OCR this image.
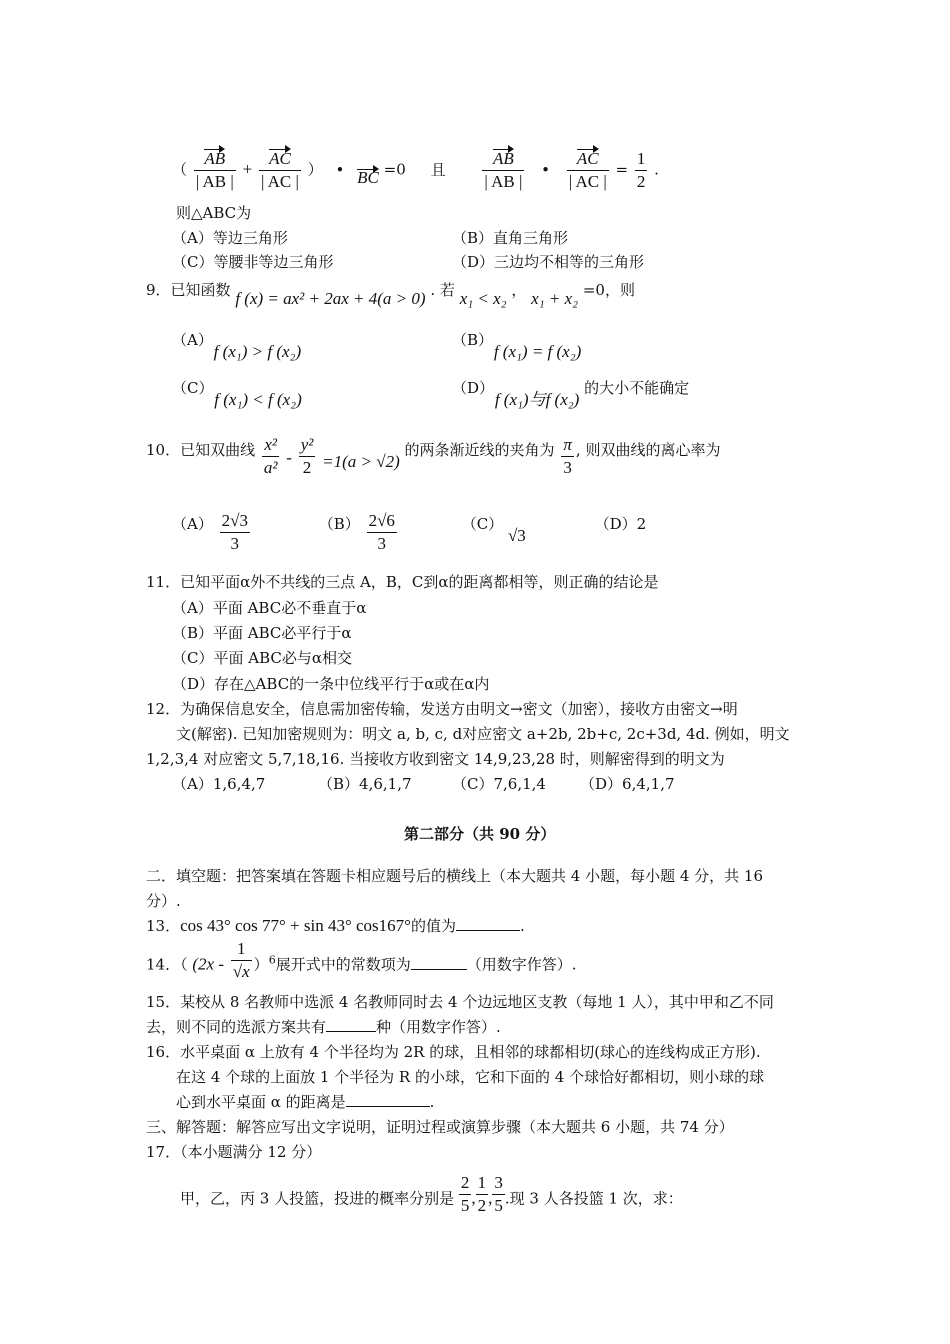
（ $\frac{AB}{| AB |} + \frac{AC}{| AC |}$ ） • BC =0 且 $\frac{AB}{| AB |}$ • $\frac{AC}{| AC |} = \frac{1}{2}$ .
则△ABC为
（A）等边三角形	（B）直角三角形
（C）等腰非等边三角形	（D）三边均不相等的三角形
9．已知函数 f (x) = ax² + 2ax + 4(a > 0) . 若 x₁ < x₂ ， x₁ + x₂ =0，则
（A） f (x₁) > f (x₂)
（B） f (x₁) = f (x₂)
（C） f (x₁) < f (x₂)
（D） f (x₁)与f (x₂) 的大小不能确定
10．已知双曲线 $\frac{\text{x²}}{\text{a²}} - \frac{\text{y²}}{2} =1(a > √2)$ 的两条渐近线的夹角为 $\frac{\pi}{3}$ , 则双曲线的离心率为
$(A) \frac{2√3}{3}$	$(B) \frac{2√6}{3}$	（C） √3 （D）2
11．已知平面α外不共线的三点 A，B，C到α的距离都相等，则正确的结论是
（A）平面 ABC必不垂直于α
（B）平面 ABC必平行于α
（C）平面 ABC必与α相交
（D）存在△ABC的一条中位线平行于α或在α内
12．为确保信息安全，信息需加密传输，发送方由明文→密文（加密），接收方由密文→明
文(解密). 已知加密规则为：明文 a, b, c, d对应密文 a+2b, 2b+c, 2c+3d, 4d. 例如，明文
1,2,3,4 对应密文 5,7,18,16. 当接收方收到密文 14,9,23,28 时，则解密得到的明文为
（A）1,6,4,7	（B）4,6,1,7	（C）7,6,1,4 （D）6,4,1,7
第二部分（共 90 分）
二．填空题：把答案填在答题卡相应题号后的横线上（本大题共 4 小题，每小题 4 分，共 16
分）.
13．cos 43° cos 77° + sin 43° cos167°的值为	.
14．（ $(2x - \frac{1}{√x} )^6$展开式中的常数项为	（用数字作答）.
15．某校从 8 名教师中选派 4 名教师同时去 4 个边远地区支教（每地 1 人），其中甲和乙不同
去，则不同的选派方案共有	种（用数字作答）.
16．水平桌面 α 上放有 4 个半径均为 2R 的球，且相邻的球都相切(球心的连线构成正方形).
在这 4 个球的上面放 1 个半径为 R 的小球，它和下面的 4 个球恰好都相切，则小球的球
心到水平桌面 α 的距离是	.
三、解答题：解答应写出文字说明，证明过程或演算步骤（本大题共 6 小题，共 74 分）
17．（本小题满分 12 分）
甲，乙，丙 3 人投篮，投进的概率分别是 $\frac{2}{5}$ , $\frac{1}{2}$ , $\frac{3}{5}$ .现 3 人各投篮 1 次，求：
